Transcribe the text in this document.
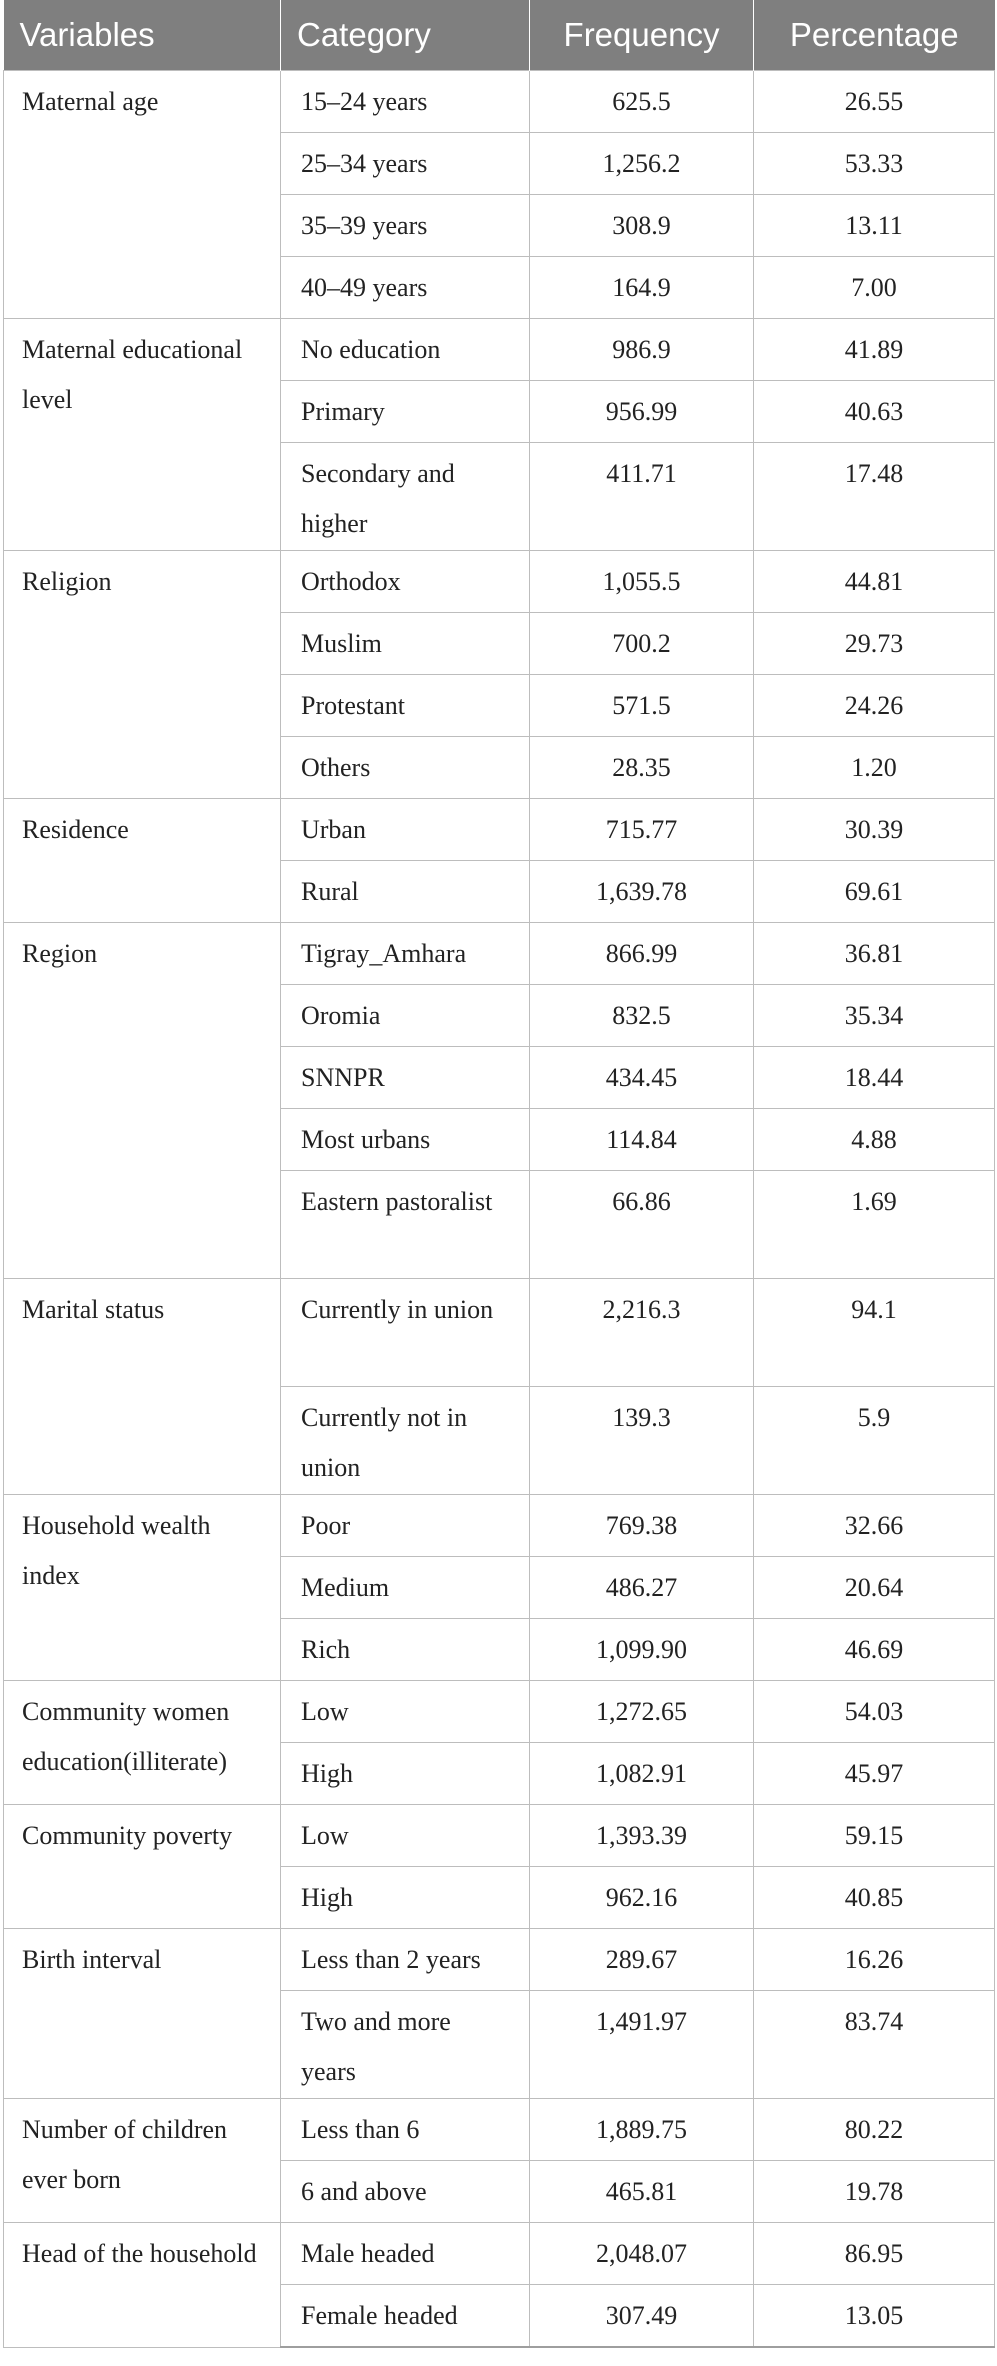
Variables	Category	Frequency	Percentage
Maternal age	15–24 years	625.5	26.55
	25–34 years	1,256.2	53.33
	35–39 years	308.9	13.11
	40–49 years	164.9	7.00
Maternal educational level	No education	986.9	41.89
	Primary	956.99	40.63
	Secondary and higher	411.71	17.48
Religion	Orthodox	1,055.5	44.81
	Muslim	700.2	29.73
	Protestant	571.5	24.26
	Others	28.35	1.20
Residence	Urban	715.77	30.39
	Rural	1,639.78	69.61
Region	Tigray_Amhara	866.99	36.81
	Oromia	832.5	35.34
	SNNPR	434.45	18.44
	Most urbans	114.84	4.88
	Eastern pastoralist	66.86	1.69
Marital status	Currently in union	2,216.3	94.1
	Currently not in union	139.3	5.9
Household wealth index	Poor	769.38	32.66
	Medium	486.27	20.64
	Rich	1,099.90	46.69
Community women education(illiterate)	Low	1,272.65	54.03
	High	1,082.91	45.97
Community poverty	Low	1,393.39	59.15
	High	962.16	40.85
Birth interval	Less than 2 years	289.67	16.26
	Two and more years	1,491.97	83.74
Number of children ever born	Less than 6	1,889.75	80.22
	6 and above	465.81	19.78
Head of the household	Male headed	2,048.07	86.95
	Female headed	307.49	13.05
